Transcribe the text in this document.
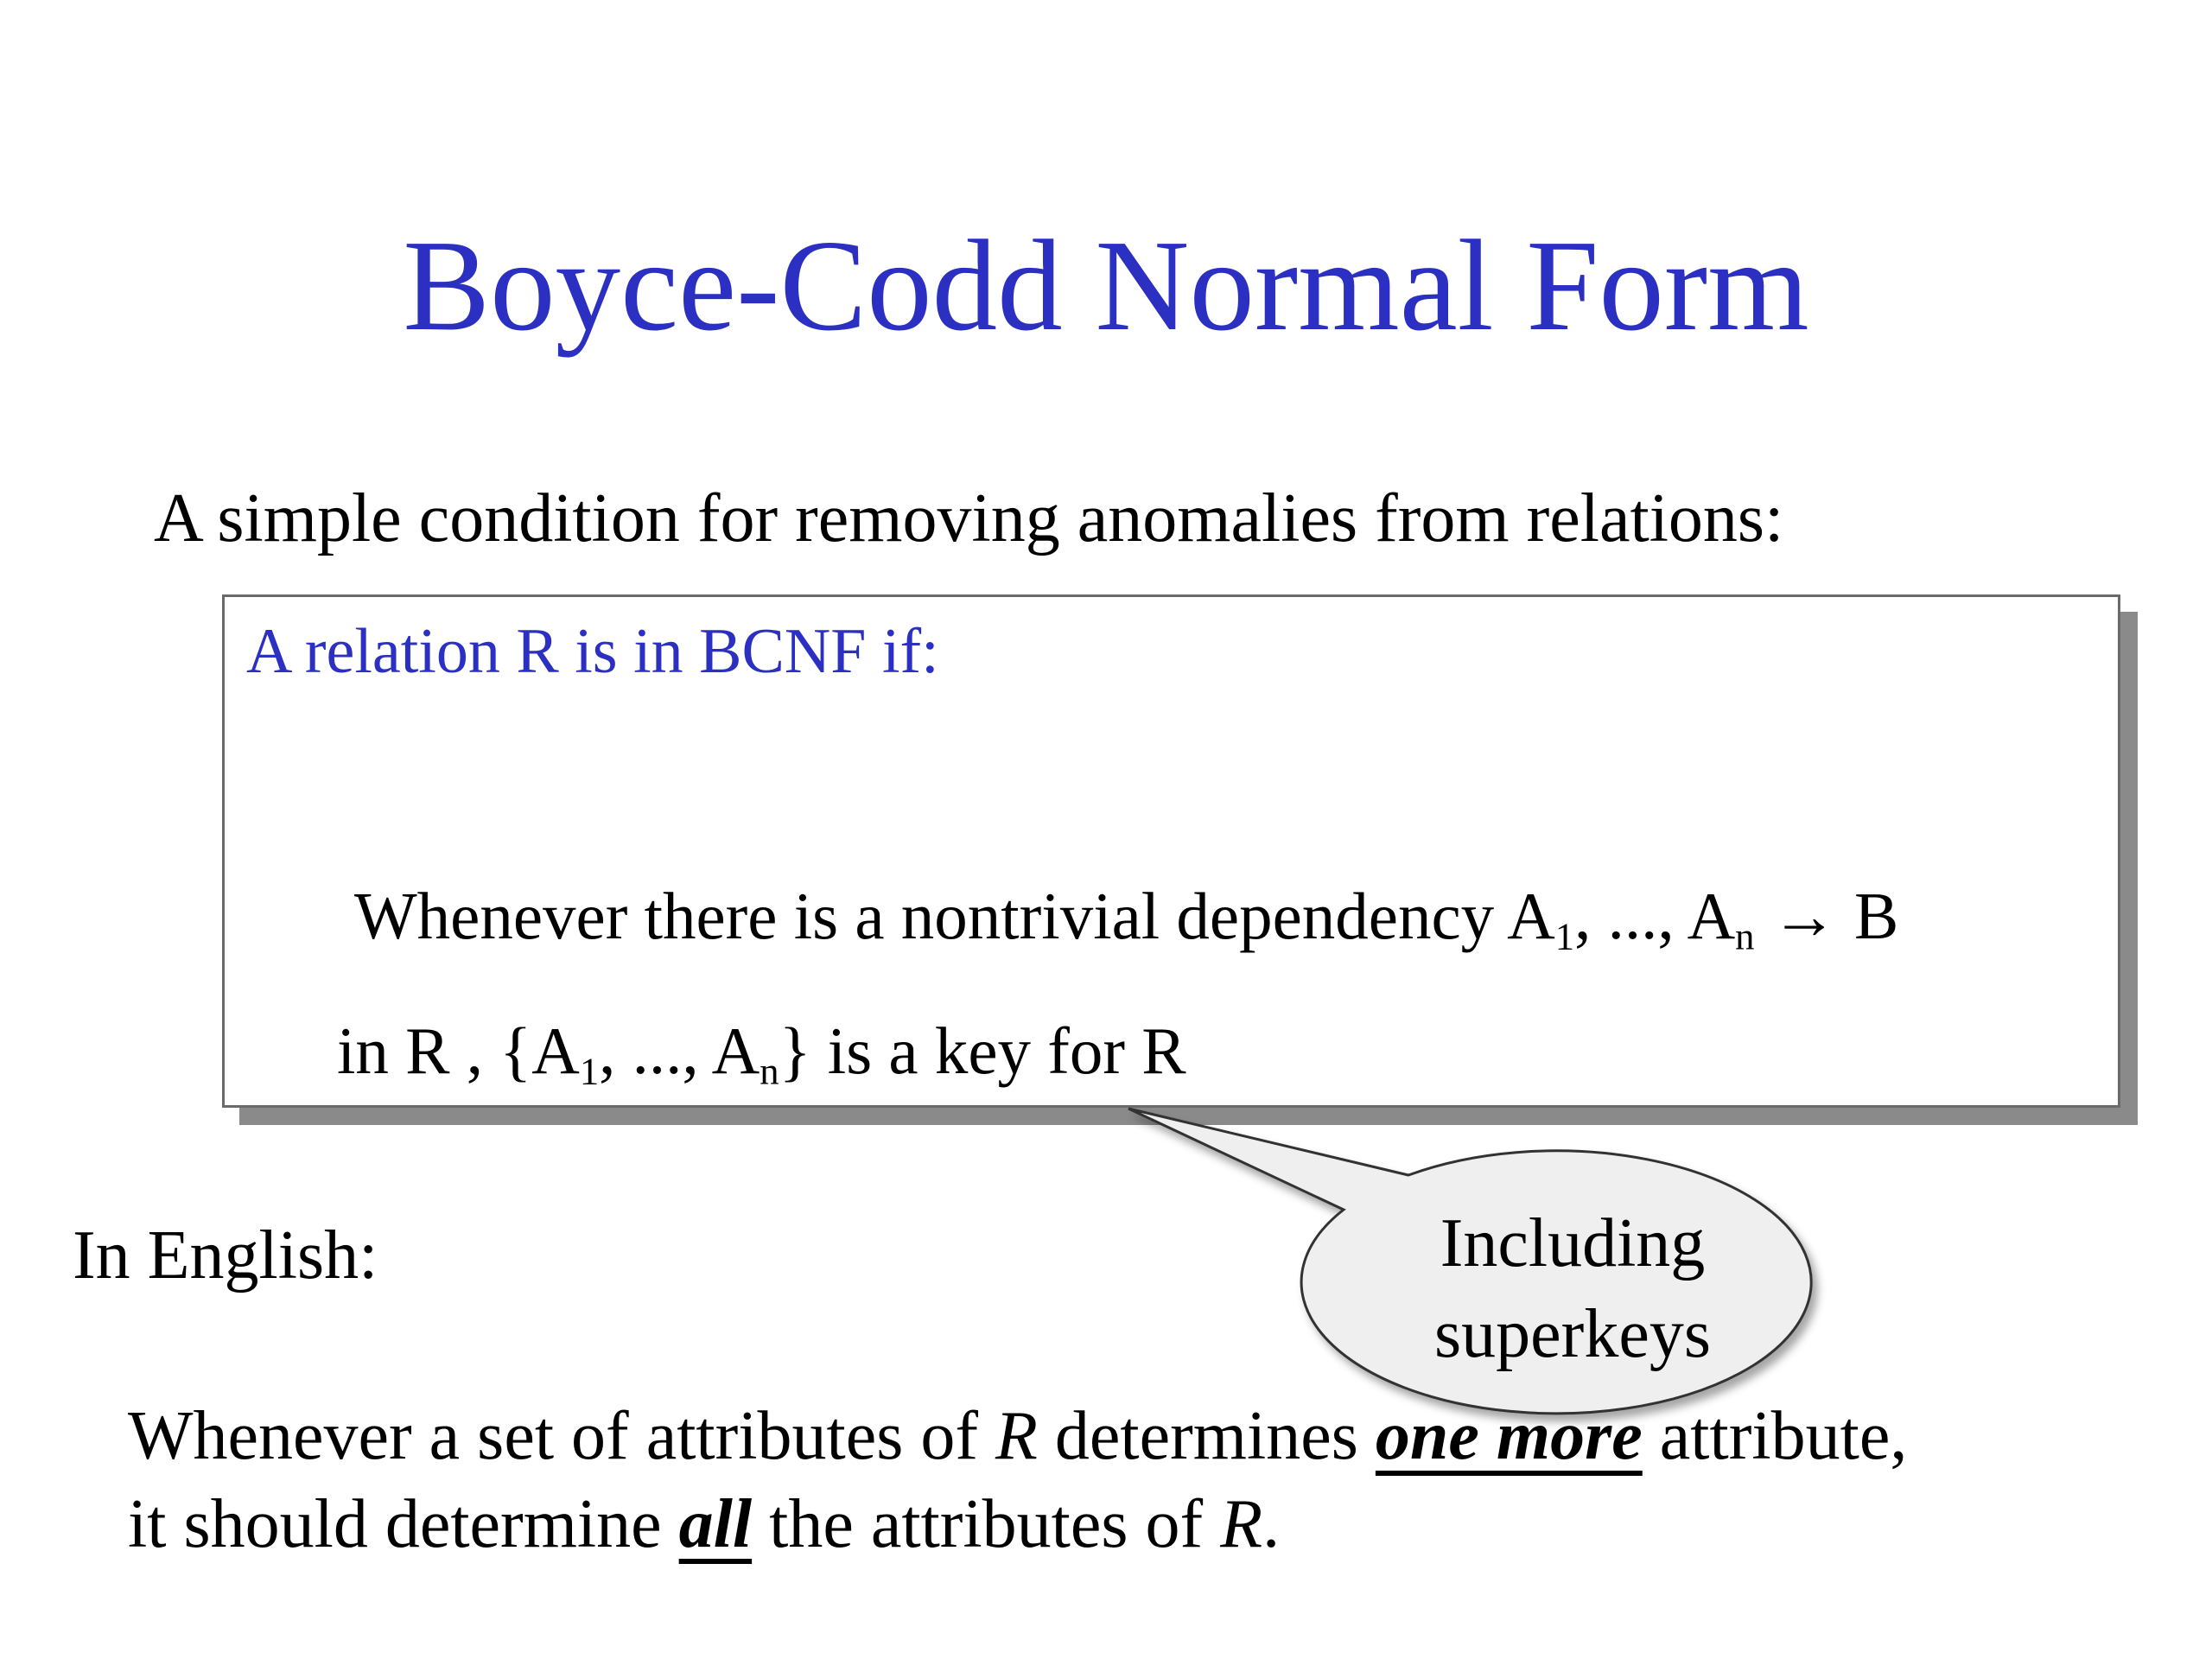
Boyce-Codd Normal Form
A simple condition for removing anomalies from relations:
A relation R is in BCNF if:
Whenever there is a nontrivial dependency $A_1$, ..., $A_n \to B$
in R , {$A_1$, ..., $A_n$} is a key for R
Including
superkeys
In English:
Whenever a set of attributes of R determines one more attribute,
it should determine all the attributes of R.
